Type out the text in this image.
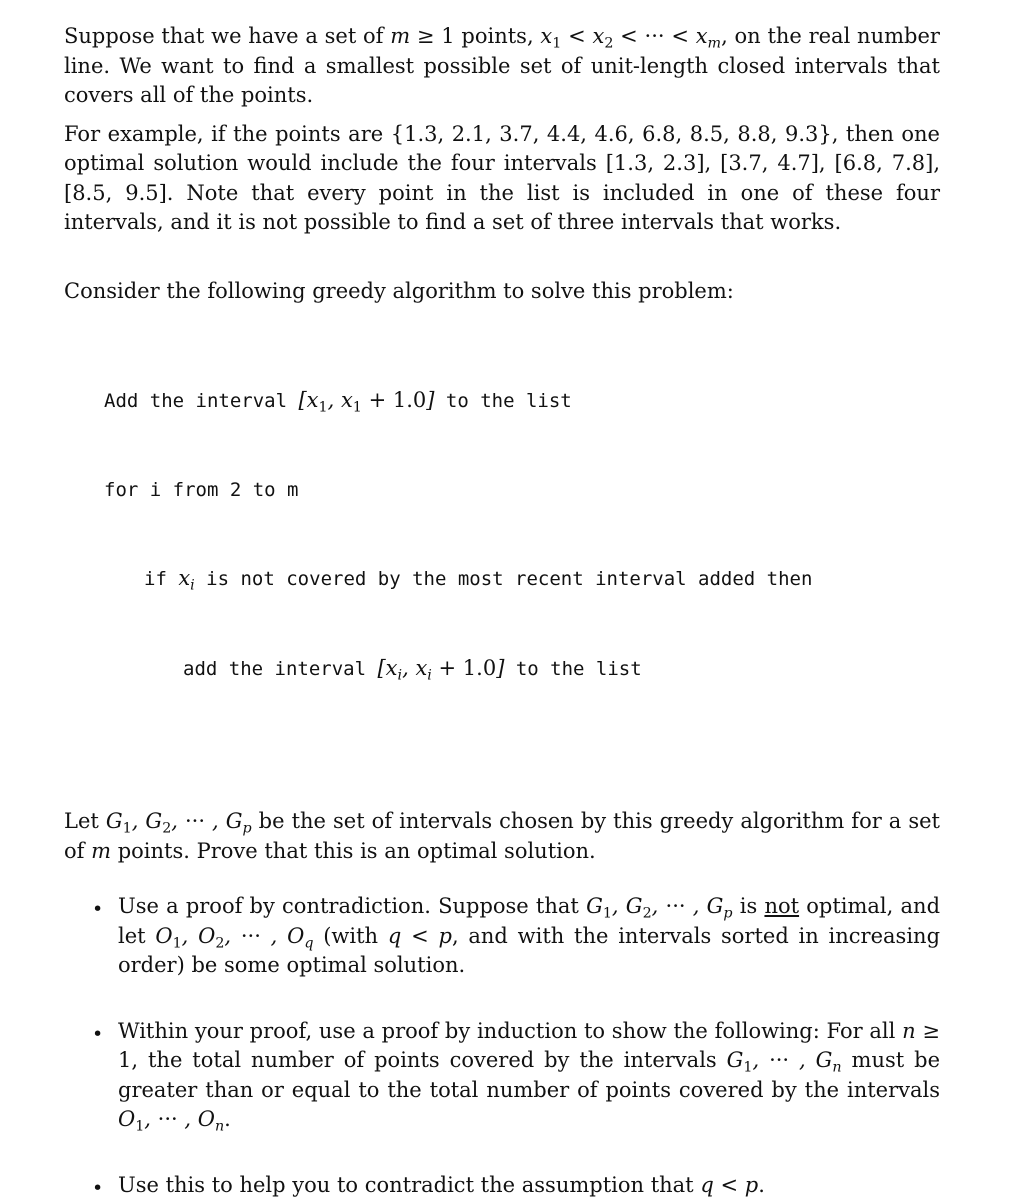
Suppose that we have a set of m ≥ 1 points, $x_1 < x_2$ < ··· < $x_m$, on the real number line. We want to find a smallest possible set of unit-length closed intervals that covers all of the points.

For example, if the points are {1.3, 2.1, 3.7, 4.4, 4.6, 6.8, 8.5, 8.8, 9.3}, then one optimal solution would include the four intervals [1.3, 2.3], [3.7, 4.7], [6.8, 7.8], [8.5, 9.5]. Note that every point in the list is included in one of these four intervals, and it is not possible to find a set of three intervals that works.

Consider the following greedy algorithm to solve this problem:

Add the interval [$x_1$, $x_1 + 1.0$] to the list

for i from 2 to m

if $x_i$ is not covered by the most recent interval added then

add the interval [$x_i$, $x_i + 1.0$] to the list

Let $G_1$, $G_2$, ··· , $G_p$ be the set of intervals chosen by this greedy algorithm for a set of m points. Prove that this is an optimal solution.

• Use a proof by contradiction. Suppose that $G_1$, $G_2$, ··· , $G_p$ is not optimal, and let $O_1$, $O_2$, ··· , $O_q$ (with q < p, and with the intervals sorted in increasing order) be some optimal solution.

• Within your proof, use a proof by induction to show the following: For all n ≥ 1, the total number of points covered by the intervals $G_1$, ··· , $G_n$ must be greater than or equal to the total number of points covered by the intervals $O_1$, ··· , $O_n$.

• Use this to help you to contradict the assumption that q < p.
